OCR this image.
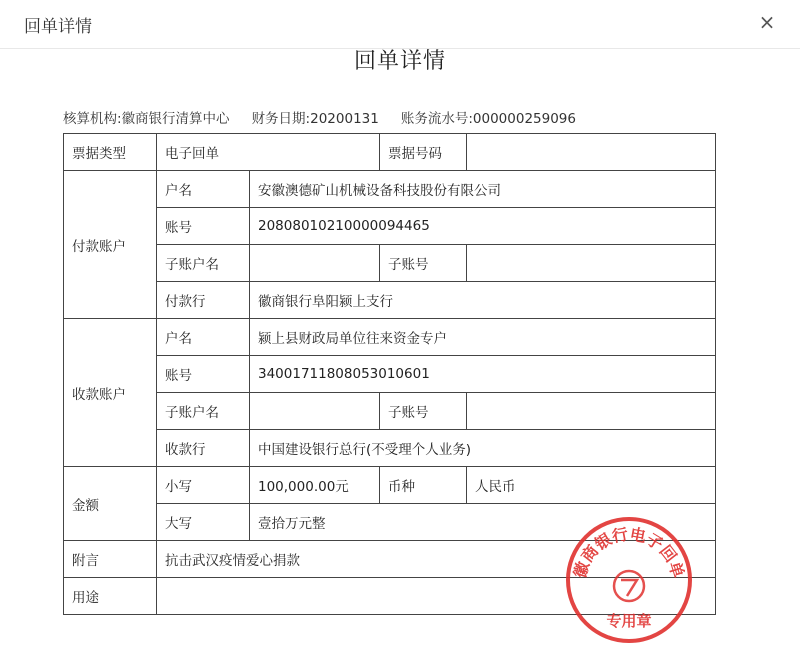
回单详情	×
回单详情
核算机构:徽商银行清算中心 财务日期:20200131 账务流水号:000000259096
票据类型	电子回单		票据号码	
付款账户	户名	安徽澳德矿山机械设备科技股份有限公司		
	账号	20808010210000094465		
	子账户名		子账号	
	付款行	徽商银行阜阳颍上支行		
收款账户	户名	颍上县财政局单位往来资金专户		
	账号	34001711808053010601		
	子账户名		子账号	
	收款行	中国建设银行总行(不受理个人业务)		
金额	小写	100,000.00元	币种	人民币
	大写	壹拾万元整		
附言	抗击武汉疫情爱心捐款			
用途				
徽商银行电子回单
专用章
